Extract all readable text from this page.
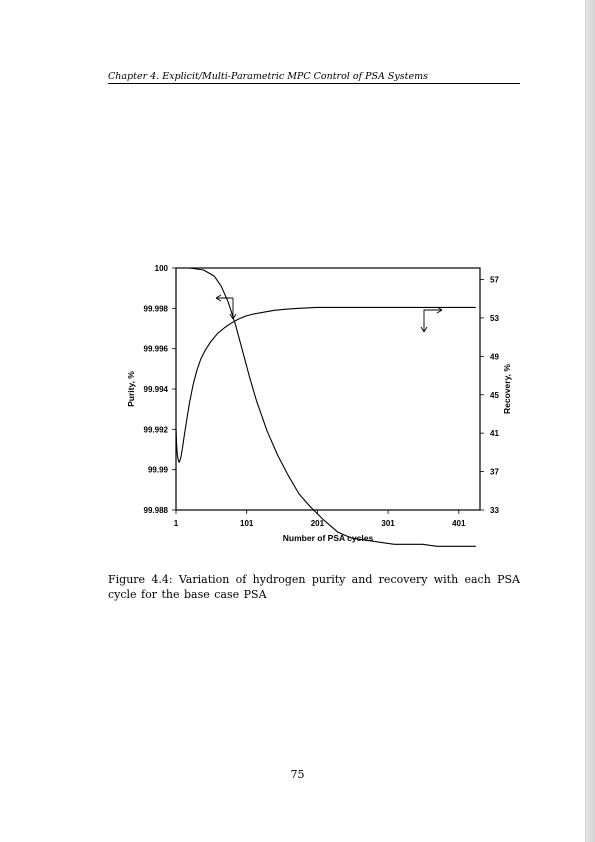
Chapter 4. Explicit/Multi-Parametric MPC Control of PSA Systems
100
99.998
99.996
99.994
99.992
99.99
99.988
57
53
49
45
41
37
33
1	101	201	301	401
Number of PSA cycles
Purity, %	Recovery, %
Figure 4.4: Variation of hydrogen purity and recovery with each PSA cycle for the base case PSA
75
